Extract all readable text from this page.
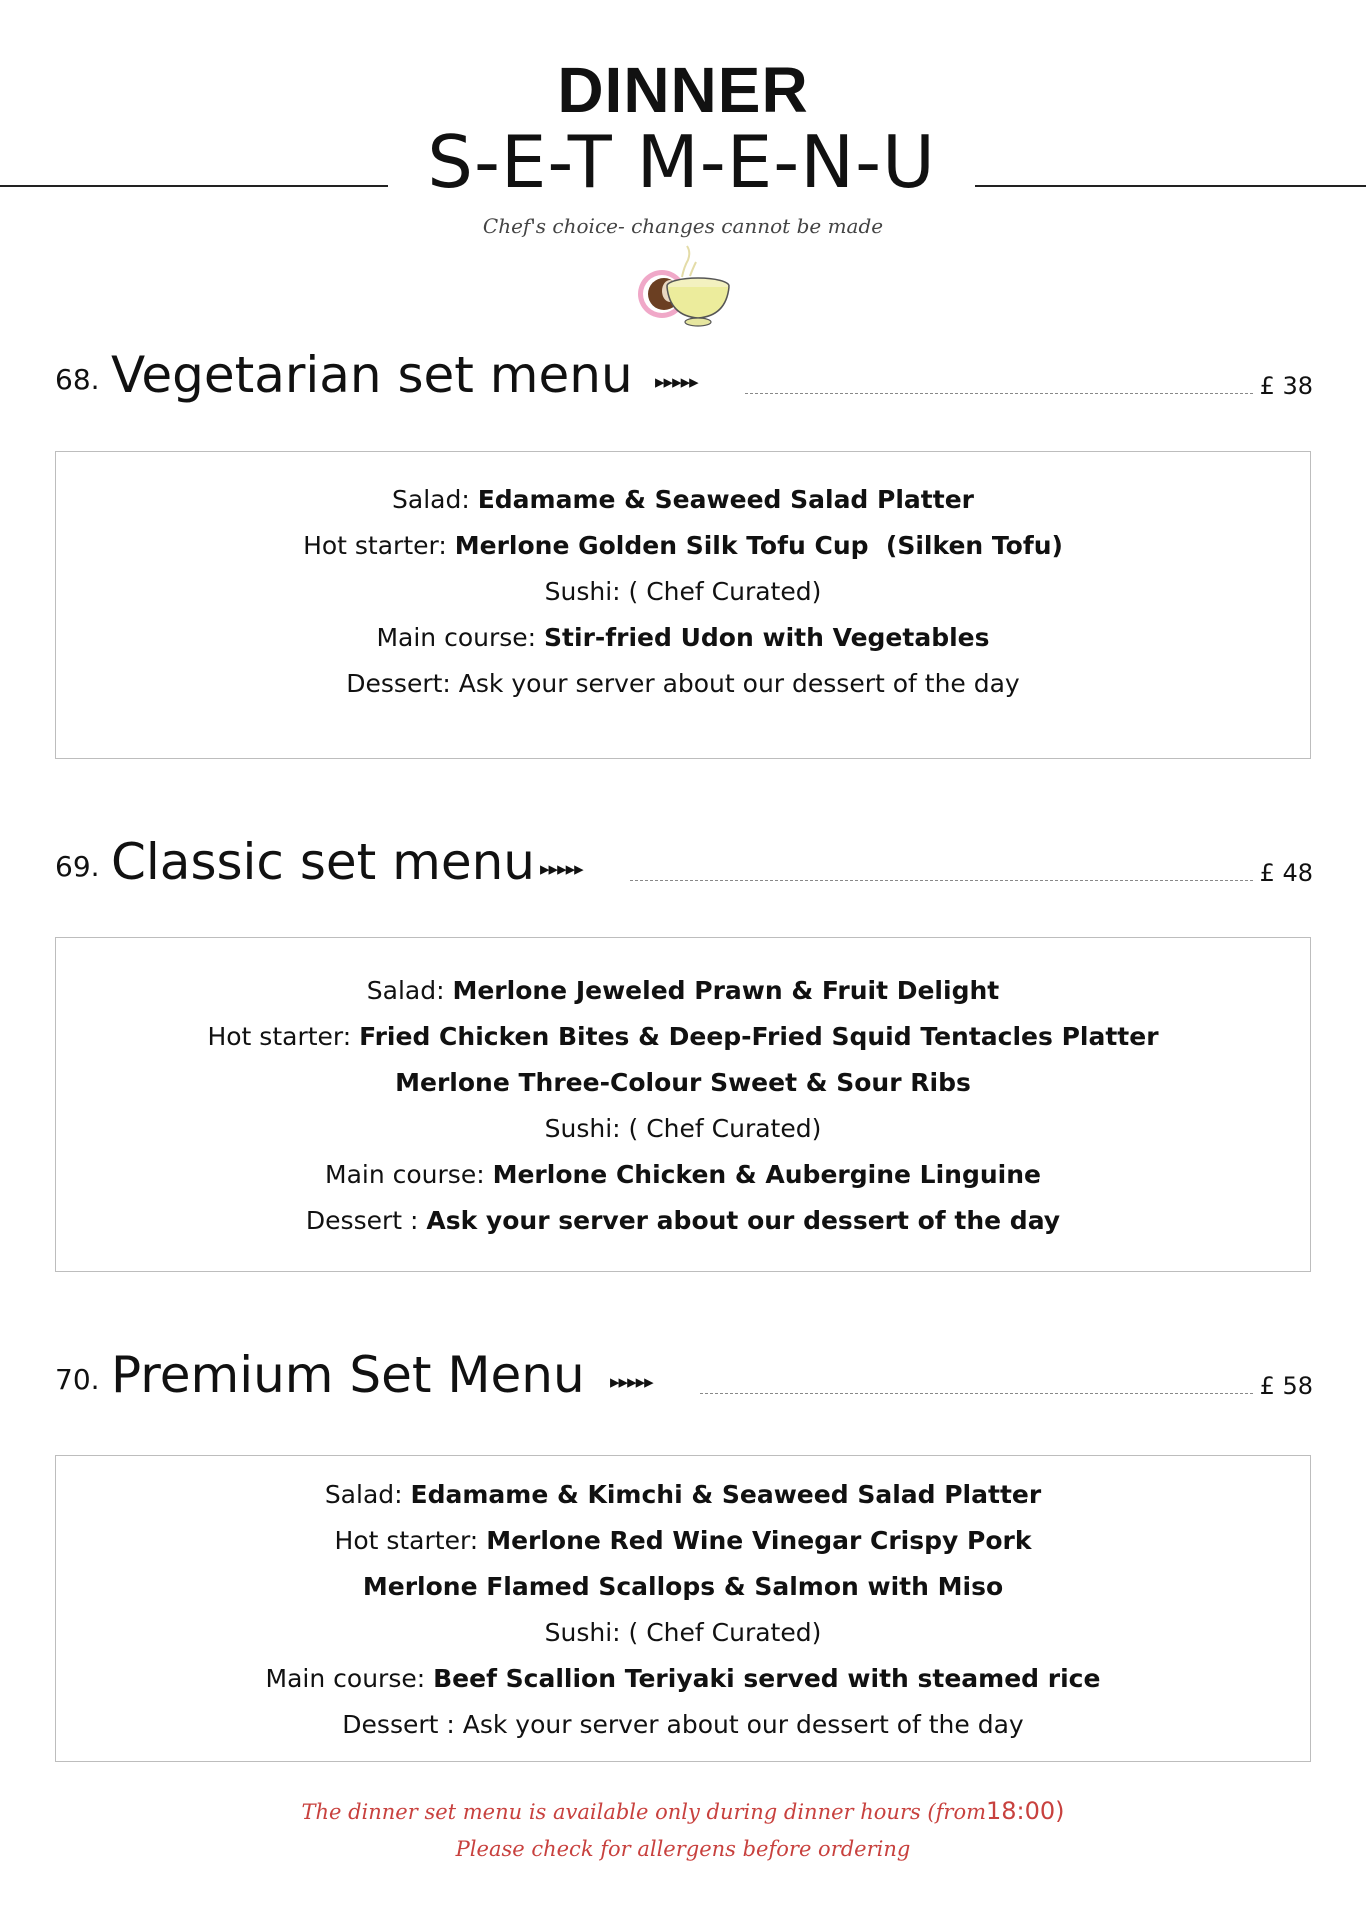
DINNER
S-E-T M-E-N-U
Chef's choice- changes cannot be made
68. Vegetarian set menu ▸▸▸▸▸	£ 38
Salad: Edamame & Seaweed Salad Platter
Hot starter: Merlone Golden Silk Tofu Cup  (Silken Tofu)
Sushi: ( Chef Curated)
Main course: Stir-fried Udon with Vegetables
Dessert: Ask your server about our dessert of the day
69. Classic set menu ▸▸▸▸▸	£ 48
Salad: Merlone Jeweled Prawn & Fruit Delight
Hot starter: Fried Chicken Bites & Deep-Fried Squid Tentacles Platter
Merlone Three-Colour Sweet & Sour Ribs
Sushi: ( Chef Curated)
Main course: Merlone Chicken & Aubergine Linguine
Dessert : Ask your server about our dessert of the day
70. Premium Set Menu ▸▸▸▸▸	£ 58
Salad: Edamame & Kimchi & Seaweed Salad Platter
Hot starter: Merlone Red Wine Vinegar Crispy Pork
Merlone Flamed Scallops & Salmon with Miso
Sushi: ( Chef Curated)
Main course: Beef Scallion Teriyaki served with steamed rice
Dessert : Ask your server about our dessert of the day
The dinner set menu is available only during dinner hours (from18:00)
Please check for allergens before ordering
